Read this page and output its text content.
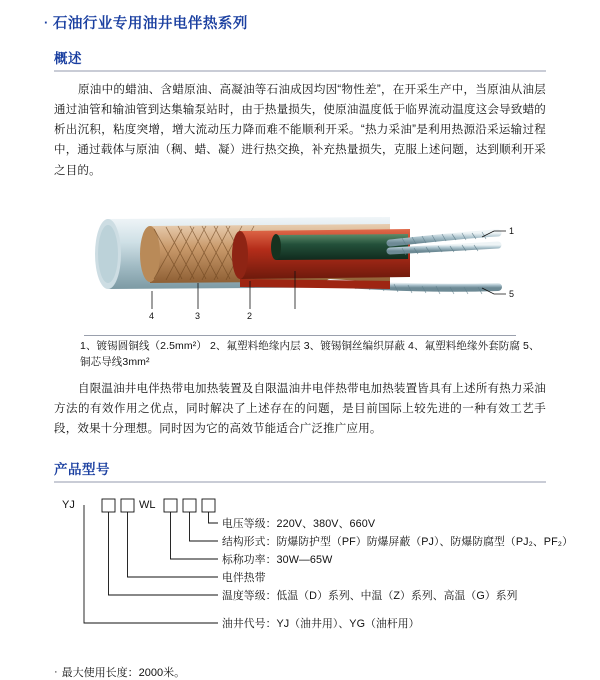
· 石油行业专用油井电伴热系列
概述
原油中的蜡油、含蜡原油、高凝油等石油成因均因“物性差”，在开采生产中，当原油从油层通过油管和输油管到达集输泵站时，由于热量损失，使原油温度低于临界流动温度这会导致蜡的析出沉积，粘度突增，增大流动压力降而难不能顺利开采。“热力采油”是利用热源沿采运输过程中，通过载体与原油（稠、蜡、凝）进行热交换，补充热量损失，克服上述问题，达到顺利开采之目的。
1
5
4	3	2
1、镀锡圆铜线（2.5mm²） 2、氟塑料绝缘内层 3、镀锡铜丝编织屏蔽 4、氟塑料绝缘外套防腐 5、铜芯导线3mm²
自限温油井电伴热带电加热装置及自限温油井电伴热带电加热装置皆具有上述所有热力采油方法的有效作用之优点，同时解决了上述存在的问题，是目前国际上较先进的一种有效工艺手段，效果十分理想。同时因为它的高效节能适合广泛推广应用。
产品型号
YJ	WL
电压等级：220V、380V、660V
结构形式：防爆防护型（PF）防爆屏蔽（PJ）、防爆防腐型（PJ₂、PF₂）
标称功率：30W—65W
电伴热带
温度等级：低温（D）系列、中温（Z）系列、高温（G）系列
油井代号：YJ（油井用）、YG（油杆用）
· 最大使用长度：2000米。
